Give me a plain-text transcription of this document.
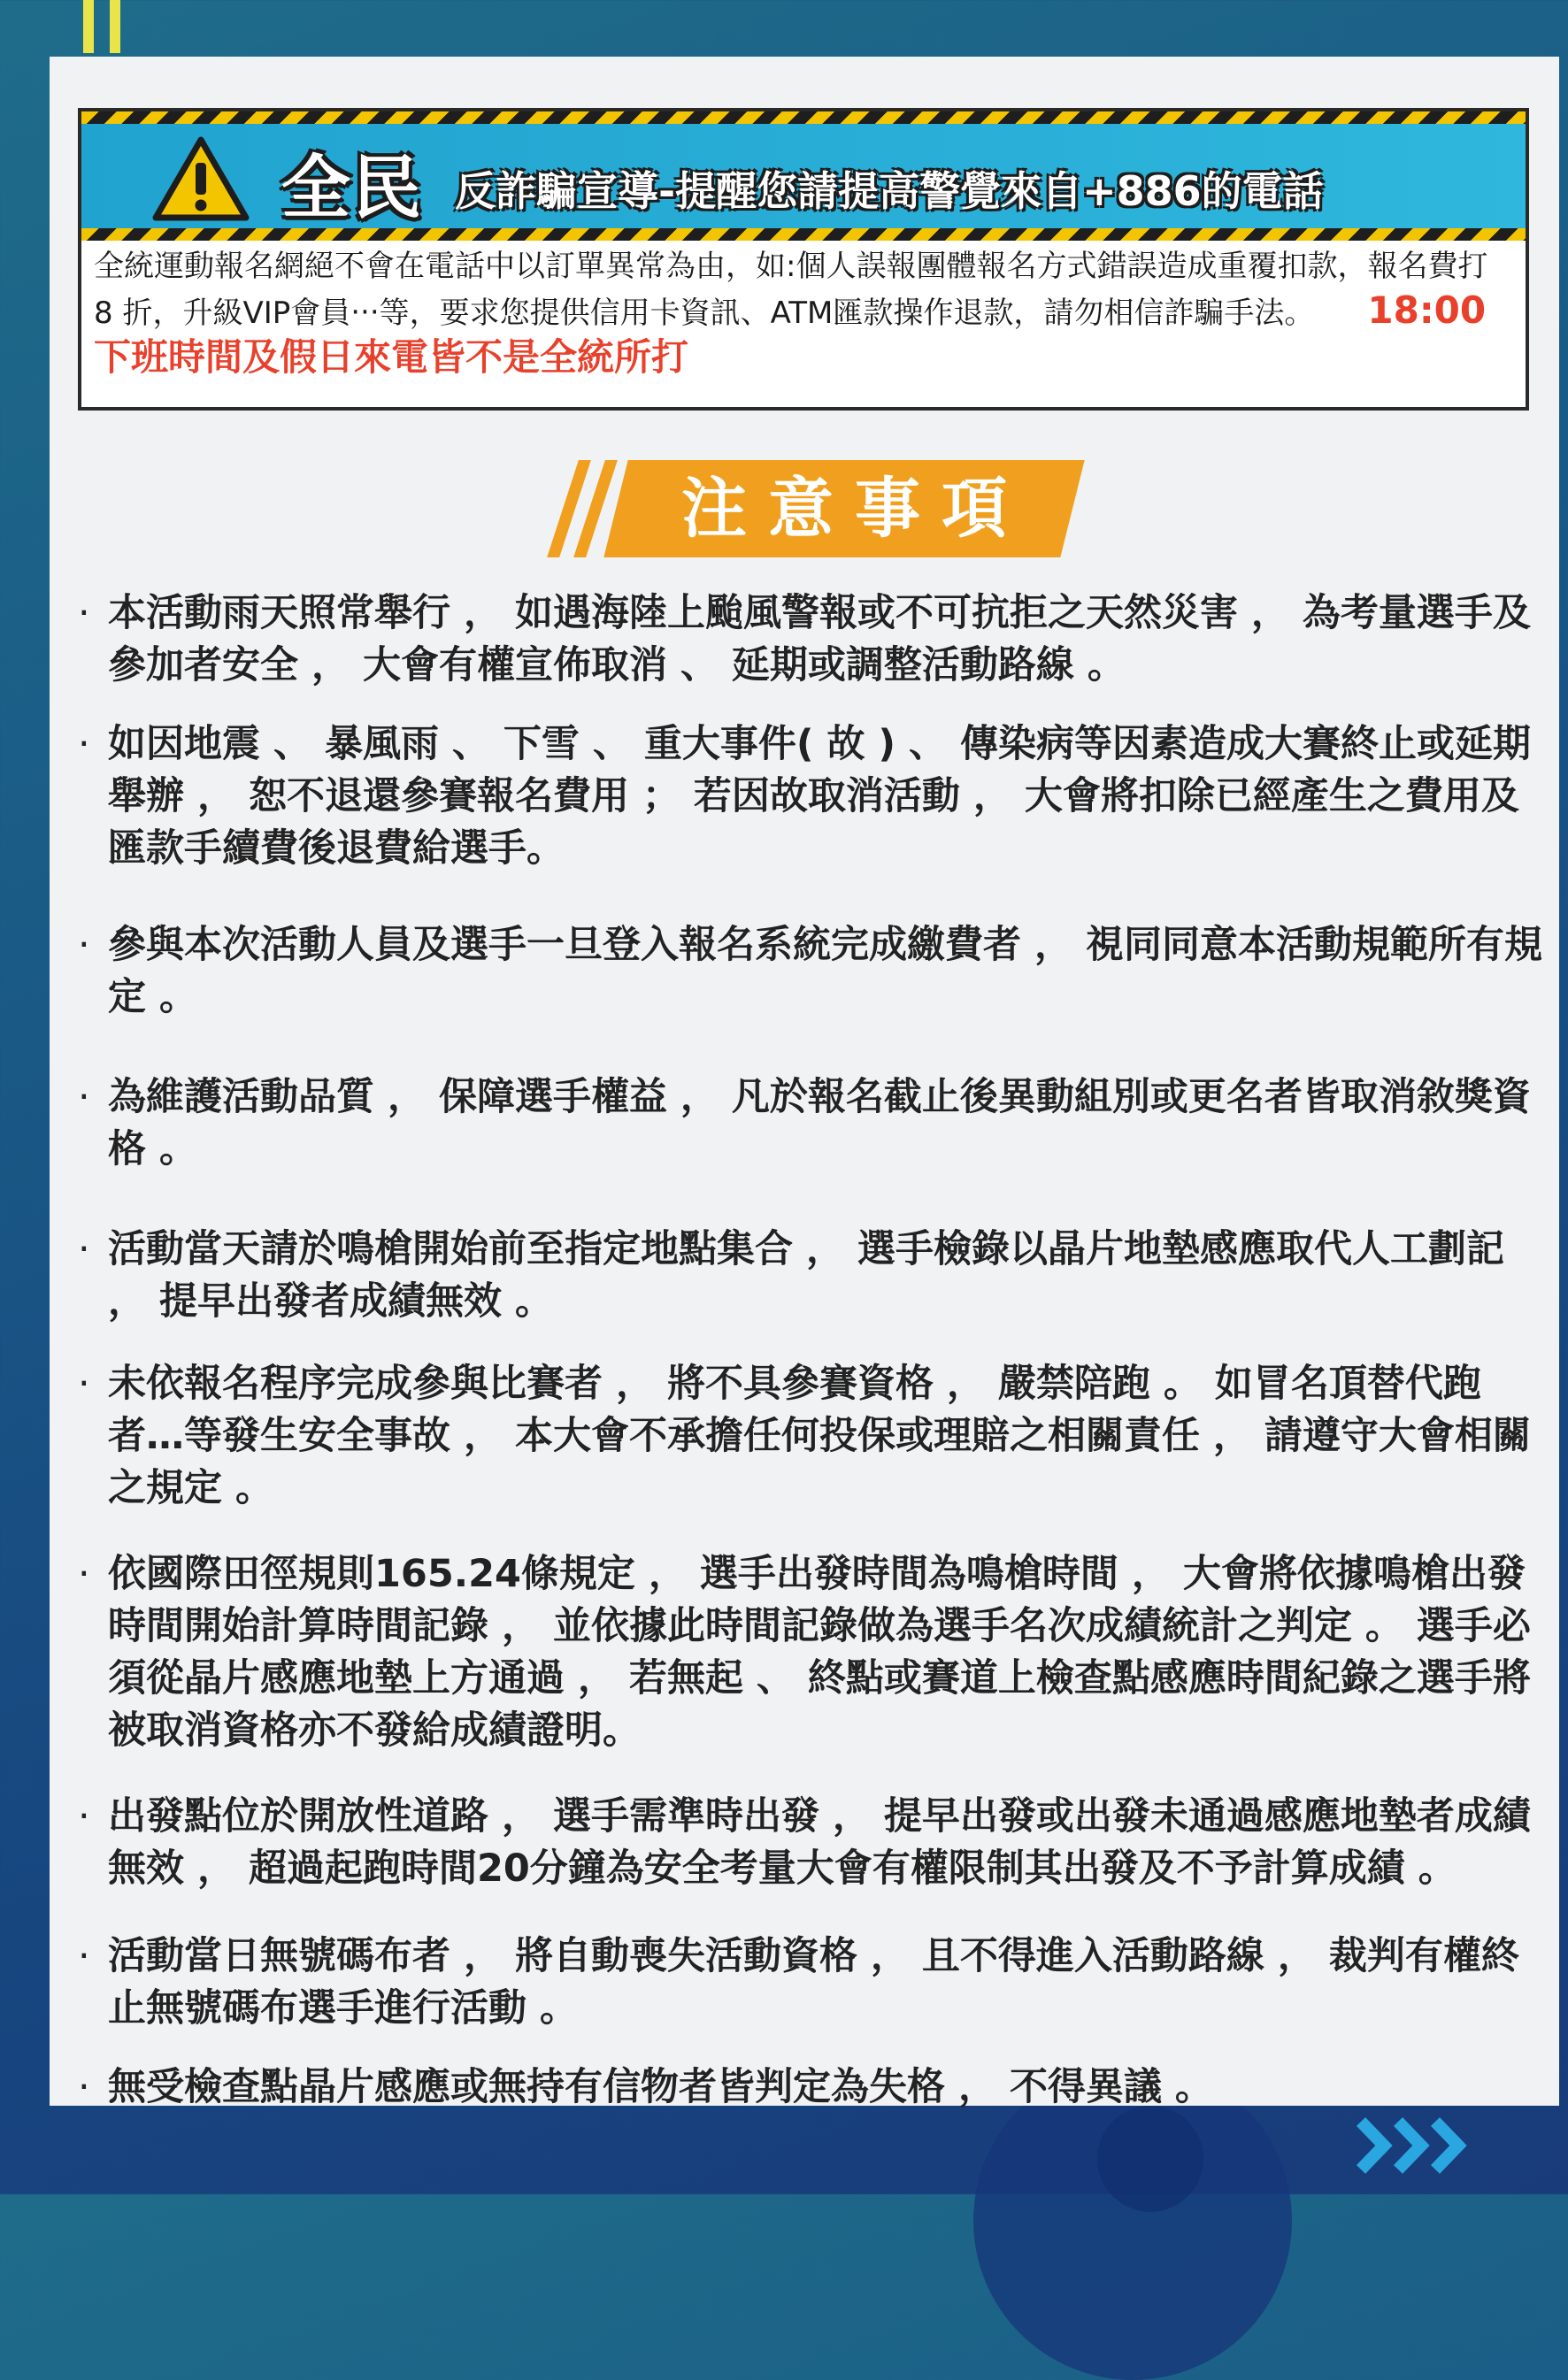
全民 反詐騙宣導-提醒您請提高警覺來自+886的電話
全統運動報名網絕不會在電話中以訂單異常為由，如:個人誤報團體報名方式錯誤造成重覆扣款，報名費打 8 折，升級VIP會員‧‧‧等，要求您提供信用卡資訊、ATM匯款操作退款，請勿相信詐騙手法。 18:00下班時間及假日來電皆不是全統所打
注意事項
· 本活動雨天照常舉行 ， 如遇海陸上颱風警報或不可抗拒之天然災害 ， 為考量選手及參加者安全 ， 大會有權宣佈取消 、 延期或調整活動路線 。
· 如因地震 、 暴風雨 、 下雪 、 重大事件( 故 ) 、 傳染病等因素造成大賽終止或延期舉辦 ， 恕不退還參賽報名費用 ； 若因故取消活動 ， 大會將扣除已經產生之費用及匯款手續費後退費給選手。
· 參與本次活動人員及選手一旦登入報名系統完成繳費者 ， 視同同意本活動規範所有規定 。
· 為維護活動品質 ， 保障選手權益 ， 凡於報名截止後異動組別或更名者皆取消敘獎資格 。
· 活動當天請於鳴槍開始前至指定地點集合 ， 選手檢錄以晶片地墊感應取代人工劃記 ， 提早出發者成績無效 。
· 未依報名程序完成參與比賽者 ， 將不具參賽資格 ， 嚴禁陪跑 。 如冒名頂替代跑者…等發生安全事故 ， 本大會不承擔任何投保或理賠之相關責任 ， 請遵守大會相關之規定 。
· 依國際田徑規則165.24條規定 ， 選手出發時間為鳴槍時間 ， 大會將依據鳴槍出發時間開始計算時間記錄 ， 並依據此時間記錄做為選手名次成績統計之判定 。 選手必須從晶片感應地墊上方通過 ， 若無起 、 終點或賽道上檢查點感應時間紀錄之選手將被取消資格亦不發給成績證明。
· 出發點位於開放性道路 ， 選手需準時出發 ， 提早出發或出發未通過感應地墊者成績無效 ， 超過起跑時間20分鐘為安全考量大會有權限制其出發及不予計算成績 。
· 活動當日無號碼布者 ， 將自動喪失活動資格 ， 且不得進入活動路線 ， 裁判有權終止無號碼布選手進行活動 。
· 無受檢查點晶片感應或無持有信物者皆判定為失格 ， 不得異議 。
